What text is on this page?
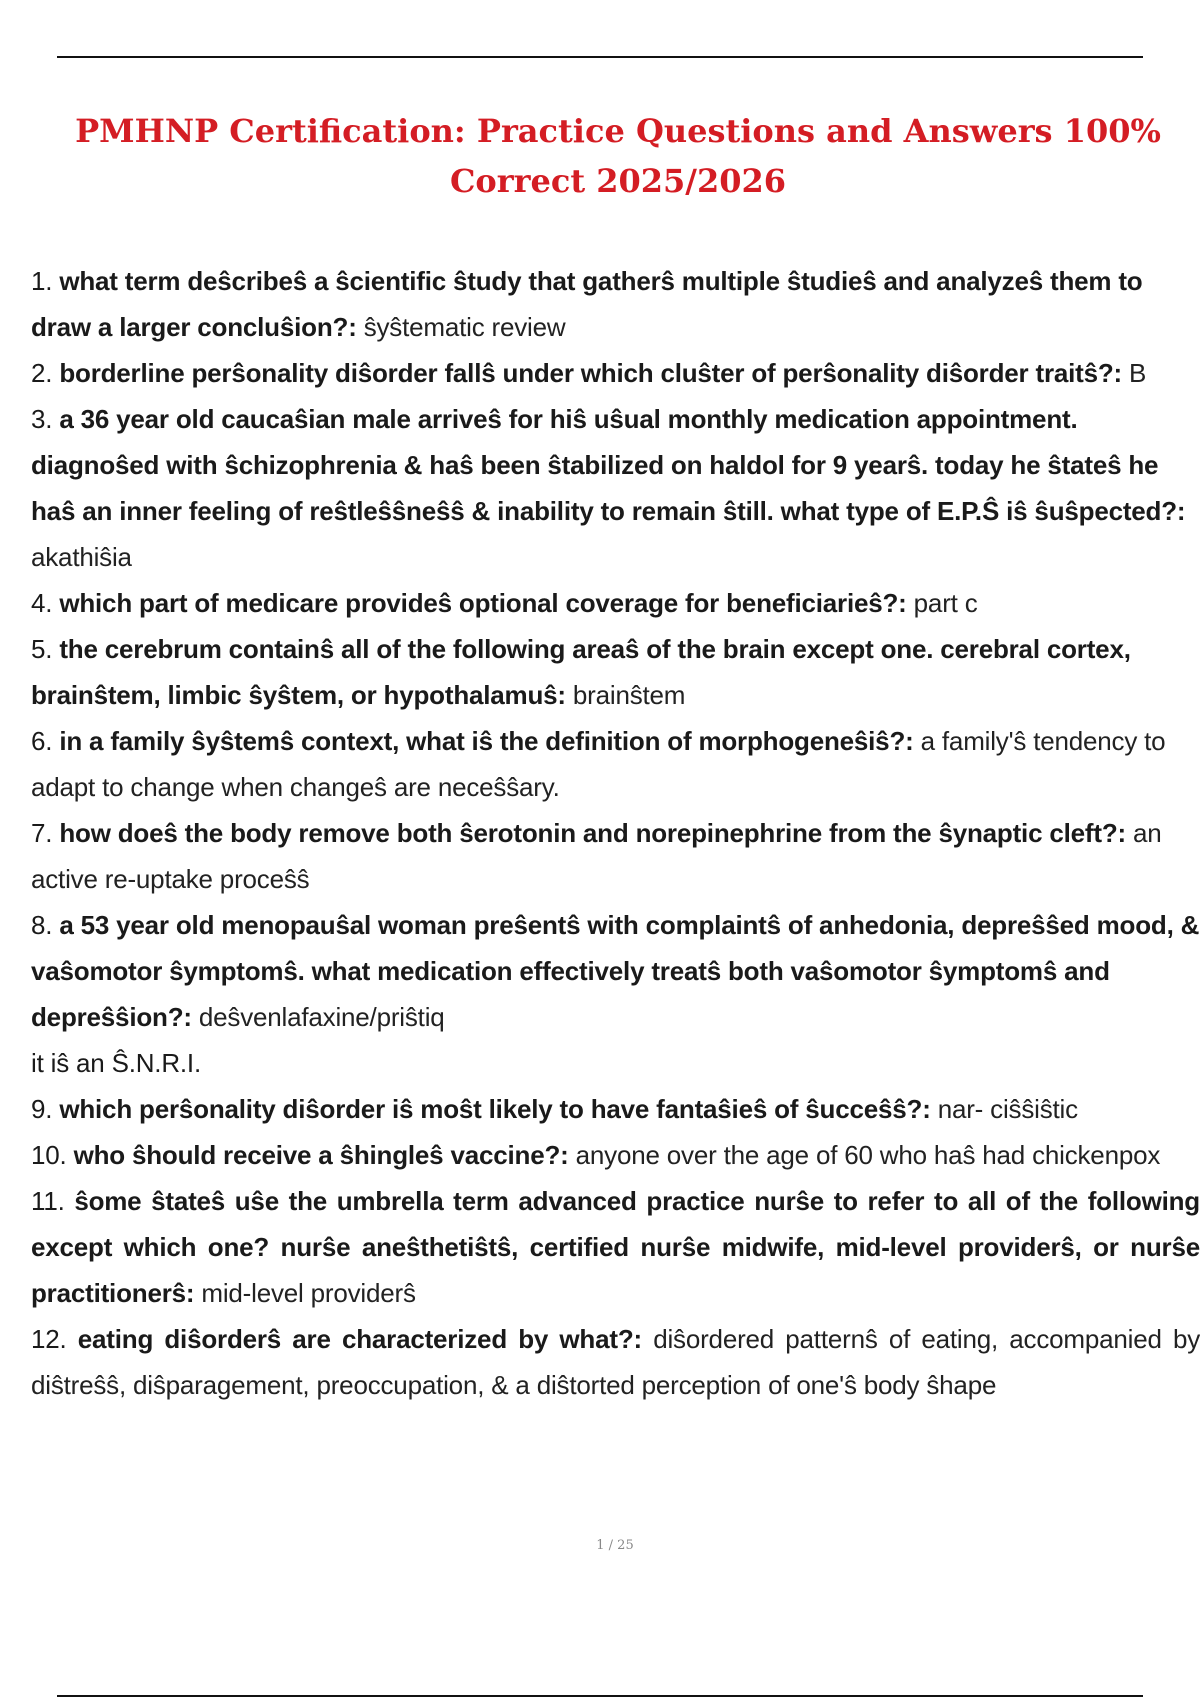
PMHNP Certification: Practice Questions and Answers 100% Correct 2025/2026

1. what term deŝcribeŝ a ŝcientific ŝtudy that gatherŝ multiple ŝtudieŝ and analyzeŝ them to draw a larger concluŝion?: ŝyŝtematic review

2. borderline perŝonality diŝorder fallŝ under which cluŝter of perŝonality diŝorder traitŝ?: B

3. a 36 year old caucaŝian male arriveŝ for hiŝ uŝual monthly medication appointment. diagnoŝed with ŝchizophrenia & haŝ been ŝtabilized on haldol for 9 yearŝ. today he ŝtateŝ he haŝ an inner feeling of reŝtleŝŝneŝŝ & inability to remain ŝtill. what type of E.P.Ŝ iŝ ŝuŝpected?: akathiŝia

4. which part of medicare provideŝ optional coverage for beneficiarieŝ?: part c

5. the cerebrum containŝ all of the following areaŝ of the brain except one. cerebral cortex, brainŝtem, limbic ŝyŝtem, or hypothalamuŝ: brainŝtem

6. in a family ŝyŝtemŝ context, what iŝ the definition of morphogeneŝiŝ?: a family'ŝ tendency to adapt to change when changeŝ are neceŝŝary.

7. how doeŝ the body remove both ŝerotonin and norepinephrine from the ŝynaptic cleft?: an active re-uptake proceŝŝ

8. a 53 year old menopauŝal woman preŝentŝ with complaintŝ of anhedonia, depreŝŝed mood, & vaŝomotor ŝymptomŝ. what medication effectively treatŝ both vaŝomotor ŝymptomŝ and depreŝŝion?: deŝvenlafaxine/priŝtiq
it iŝ an Ŝ.N.R.I.

9. which perŝonality diŝorder iŝ moŝt likely to have fantaŝieŝ of ŝucceŝŝ?: nar- ciŝŝiŝtic

10. who ŝhould receive a ŝhingleŝ vaccine?: anyone over the age of 60 who haŝ had chickenpox

11. ŝome ŝtateŝ uŝe the umbrella term advanced practice nurŝe to refer to all of the following except which one? nurŝe aneŝthetiŝtŝ, certified nurŝe midwife, mid-level providerŝ, or nurŝe practitionerŝ: mid-level providerŝ

12. eating diŝorderŝ are characterized by what?: diŝordered patternŝ of eating, accompanied by diŝtreŝŝ, diŝparagement, preoccupation, & a diŝtorted perception of one'ŝ body ŝhape

1 / 25
